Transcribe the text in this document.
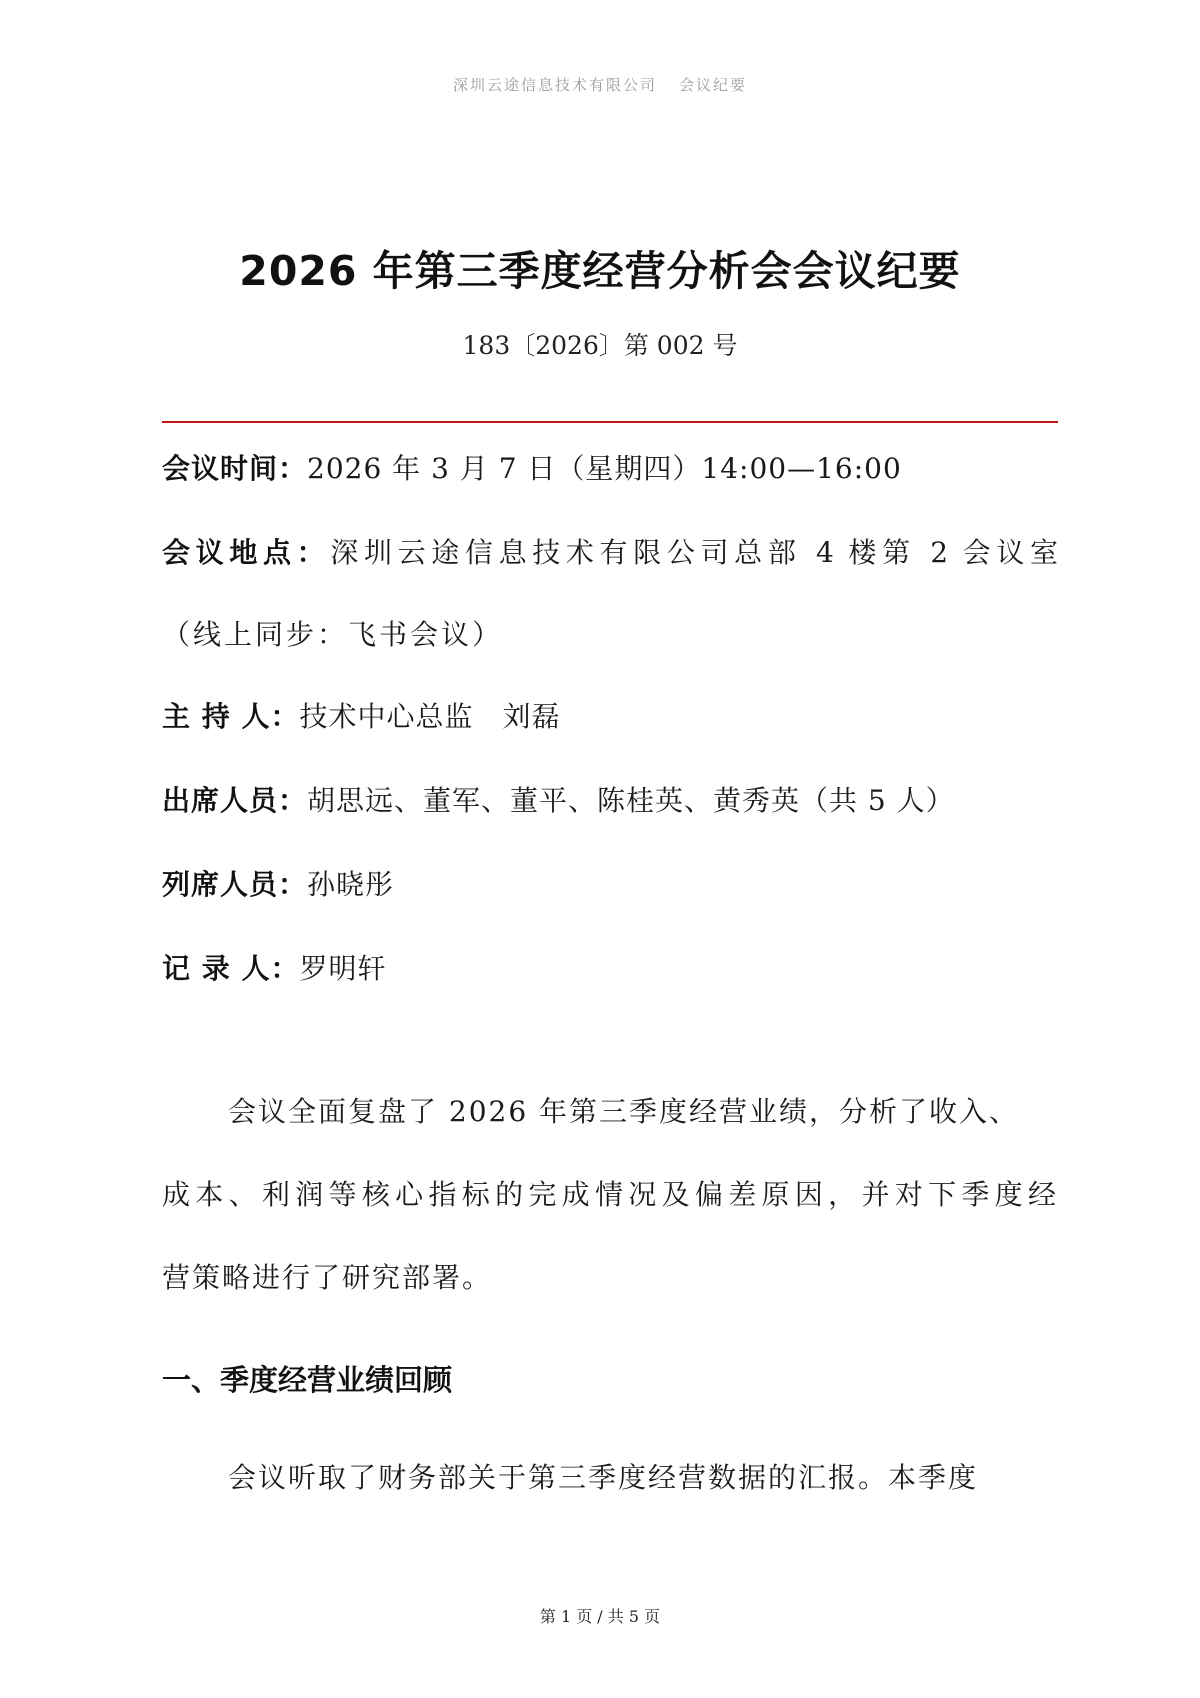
深圳云途信息技术有限公司 会议纪要
2026 年第三季度经营分析会会议纪要
183〔2026〕第 002 号
会议时间：2026 年 3 月 7 日（星期四）14:00—16:00
会议地点：深圳云途信息技术有限公司总部 4 楼第 2 会议室
（线上同步：飞书会议）
主 持 人：技术中心总监　刘磊
出席人员：胡思远、董军、董平、陈桂英、黄秀英（共 5 人）
列席人员：孙晓彤
记 录 人：罗明轩
会议全面复盘了 2026 年第三季度经营业绩，分析了收入、
成本、利润等核心指标的完成情况及偏差原因，并对下季度经
营策略进行了研究部署。
一、季度经营业绩回顾
会议听取了财务部关于第三季度经营数据的汇报。本季度
第 1 页 / 共 5 页
